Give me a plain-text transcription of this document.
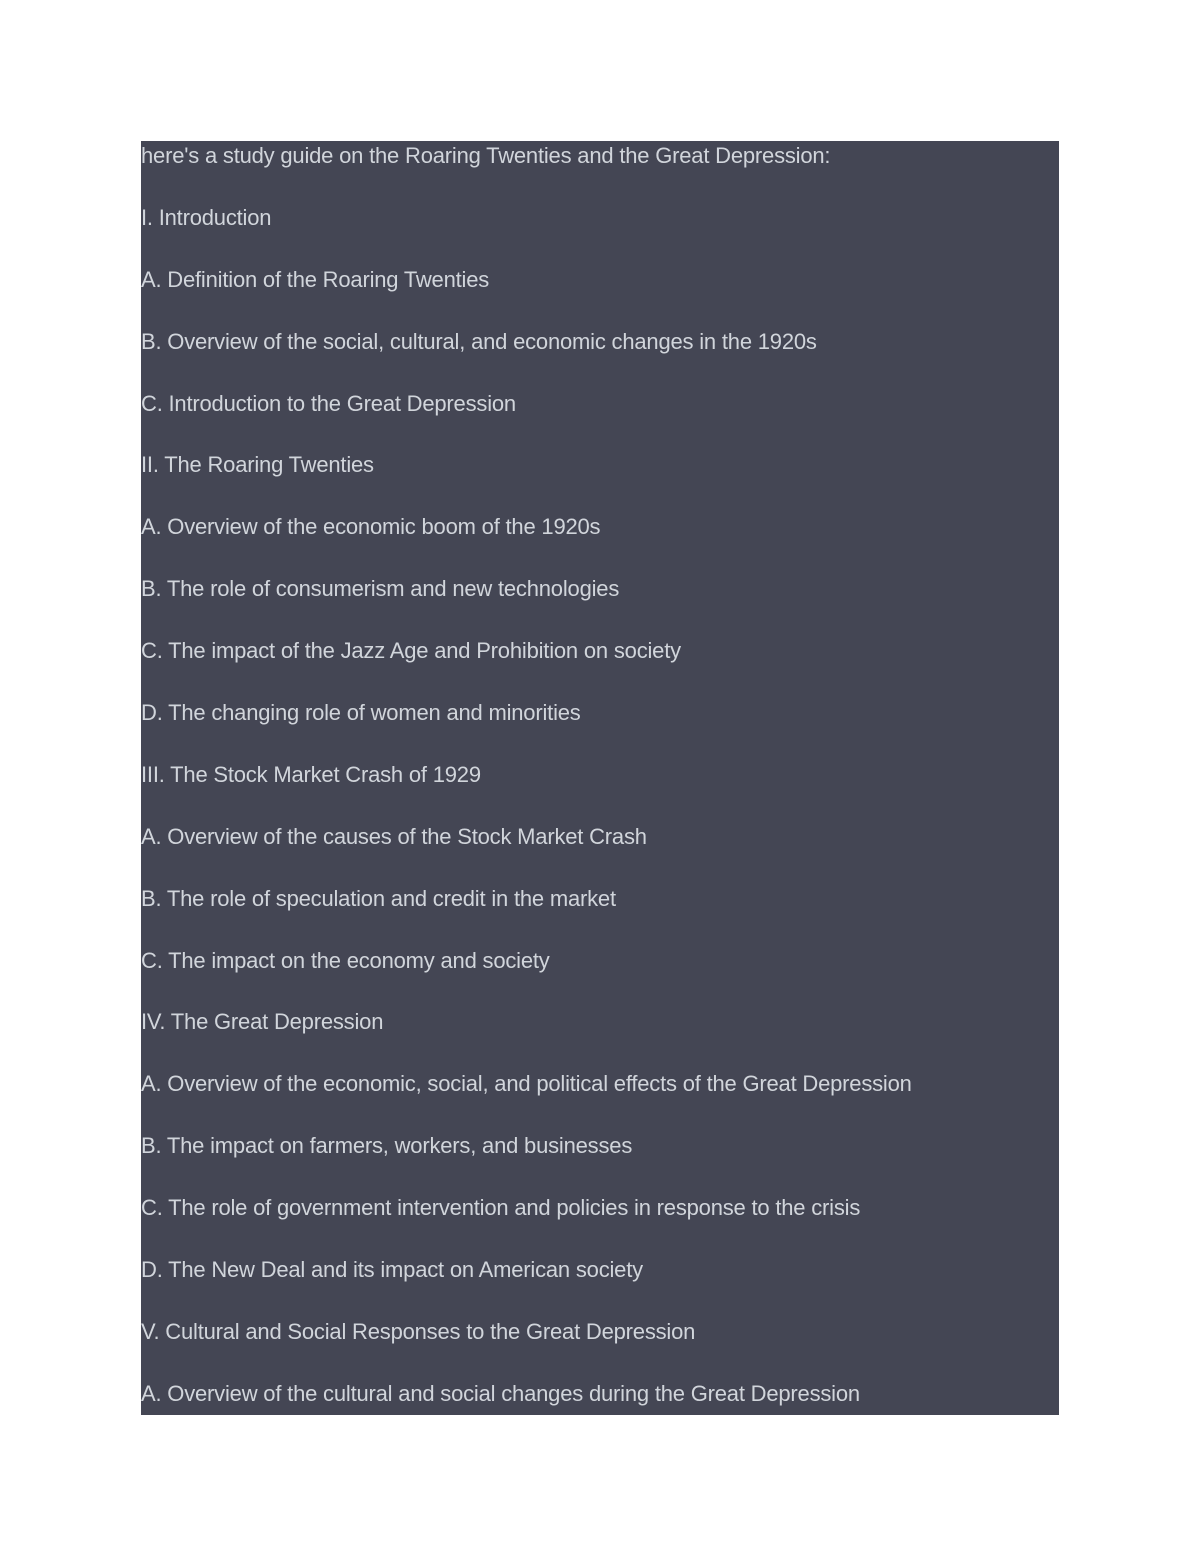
here's a study guide on the Roaring Twenties and the Great Depression:

I. Introduction

A. Definition of the Roaring Twenties

B. Overview of the social, cultural, and economic changes in the 1920s

C. Introduction to the Great Depression

II. The Roaring Twenties

A. Overview of the economic boom of the 1920s

B. The role of consumerism and new technologies

C. The impact of the Jazz Age and Prohibition on society

D. The changing role of women and minorities

III. The Stock Market Crash of 1929

A. Overview of the causes of the Stock Market Crash

B. The role of speculation and credit in the market

C. The impact on the economy and society

IV. The Great Depression

A. Overview of the economic, social, and political effects of the Great Depression

B. The impact on farmers, workers, and businesses

C. The role of government intervention and policies in response to the crisis

D. The New Deal and its impact on American society

V. Cultural and Social Responses to the Great Depression

A. Overview of the cultural and social changes during the Great Depression
